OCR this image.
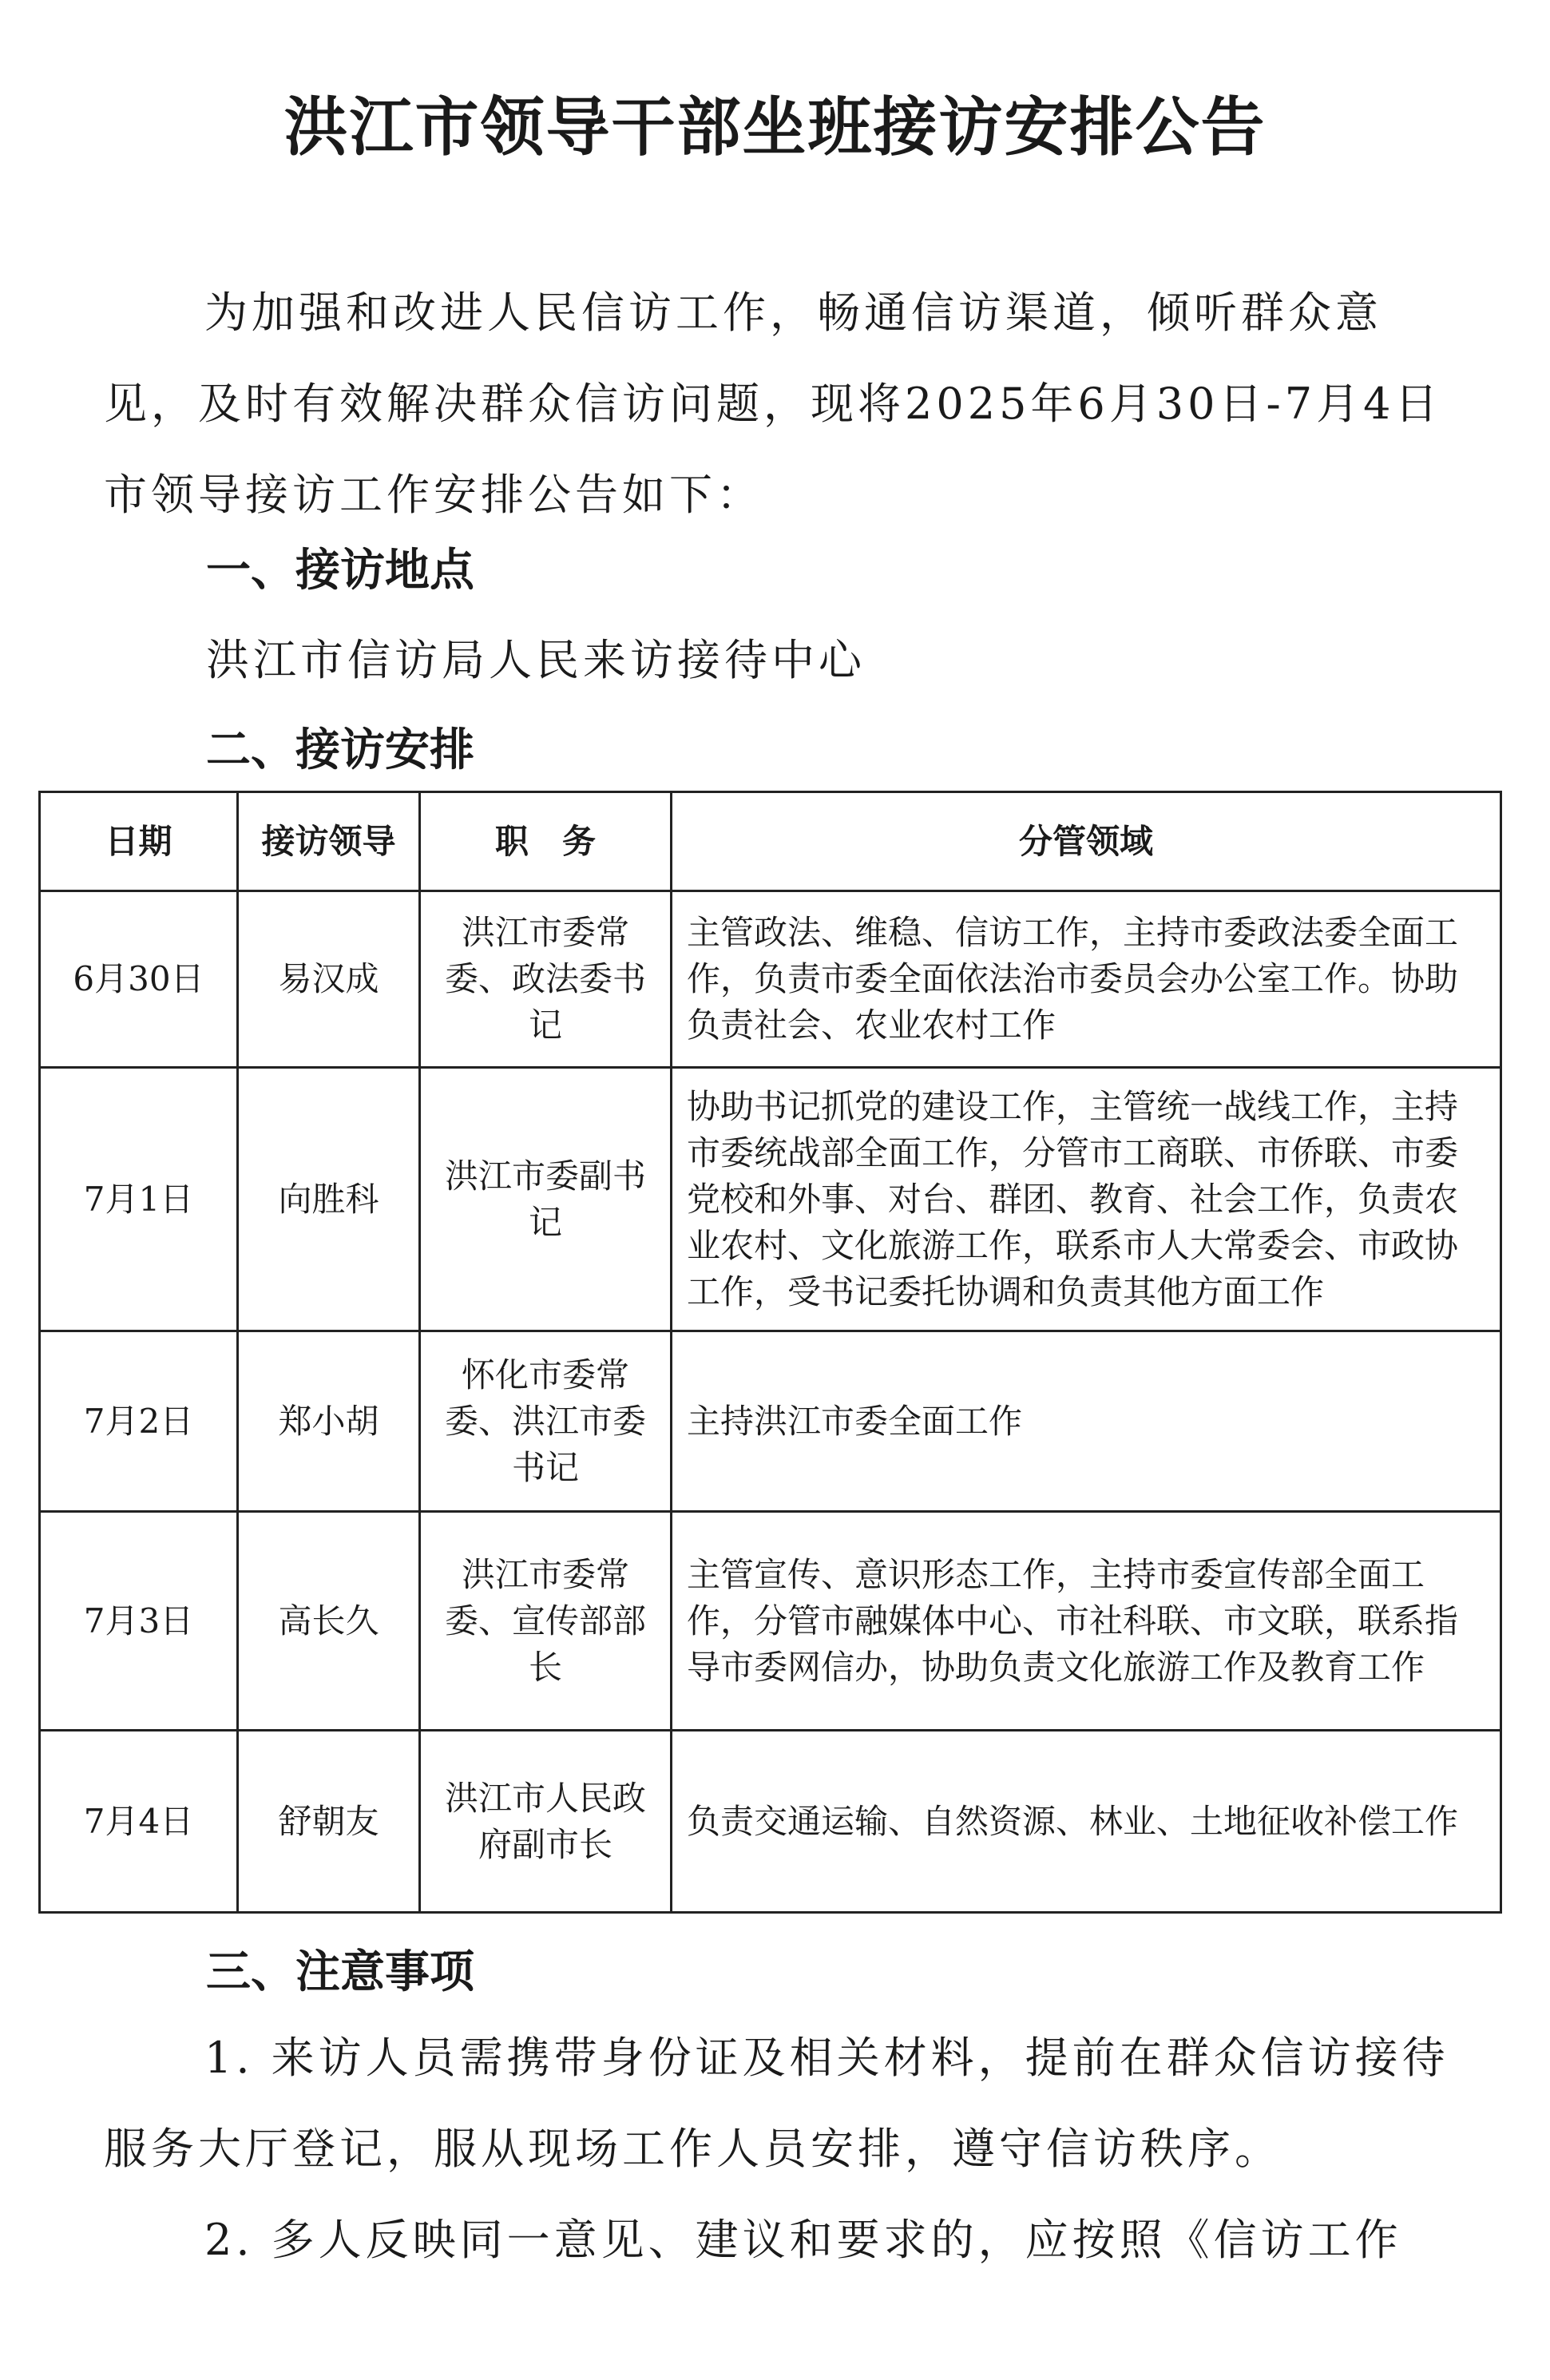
洪江市领导干部坐班接访安排公告

为加强和改进人民信访工作，畅通信访渠道，倾听群众意见，及时有效解决群众信访问题，现将2025年6月30日-7月4日市领导接访工作安排公告如下：

一、接访地点

洪江市信访局人民来访接待中心

二、接访安排
日期	接访领导	职　务	分管领域
6月30日	易汉成	洪江市委常委、政法委书记	主管政法、维稳、信访工作，主持市委政法委全面工作，负责市委全面依法治市委员会办公室工作。协助负责社会、农业农村工作
7月1日	向胜科	洪江市委副书记	协助书记抓党的建设工作，主管统一战线工作，主持市委统战部全面工作，分管市工商联、市侨联、市委党校和外事、对台、群团、教育、社会工作，负责农业农村、文化旅游工作，联系市人大常委会、市政协工作，受书记委托协调和负责其他方面工作
7月2日	郑小胡	怀化市委常委、洪江市委书记	主持洪江市委全面工作
7月3日	高长久	洪江市委常委、宣传部部长	主管宣传、意识形态工作，主持市委宣传部全面工作，分管市融媒体中心、市社科联、市文联，联系指导市委网信办，协助负责文化旅游工作及教育工作
7月4日	舒朝友	洪江市人民政府副市长	负责交通运输、自然资源、林业、土地征收补偿工作
三、注意事项

1. 来访人员需携带身份证及相关材料，提前在群众信访接待服务大厅登记，服从现场工作人员安排，遵守信访秩序。

2. 多人反映同一意见、建议和要求的，应按照《信访工作
